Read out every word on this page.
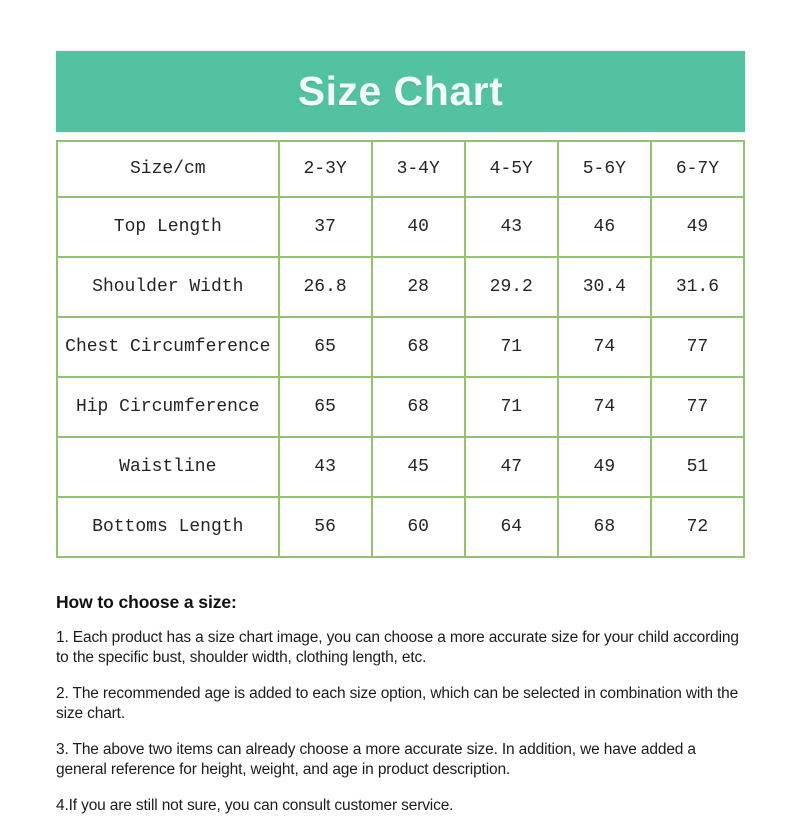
Size Chart
Size/cm	2-3Y	3-4Y	4-5Y	5-6Y	6-7Y
Top Length	37	40	43	46	49
Shoulder Width	26.8	28	29.2	30.4	31.6
Chest Circumference	65	68	71	74	77
Hip Circumference	65	68	71	74	77
Waistline	43	45	47	49	51
Bottoms Length	56	60	64	68	72
How to choose a size:

1. Each product has a size chart image, you can choose a more accurate size for your child according to the specific bust, shoulder width, clothing length, etc.

2. The recommended age is added to each size option, which can be selected in combination with the size chart.

3. The above two items can already choose a more accurate size. In addition, we have added a general reference for height, weight, and age in product description.

4.If you are still not sure, you can consult customer service.
